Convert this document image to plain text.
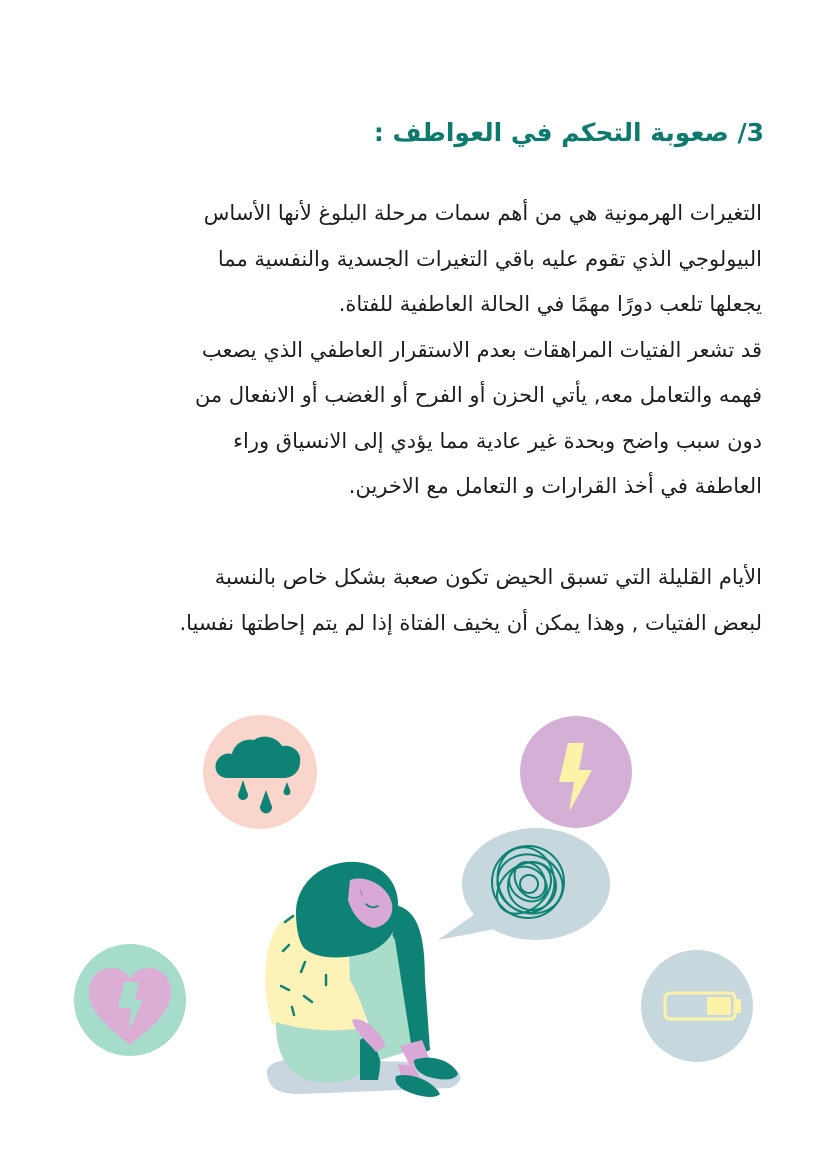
3/ صعوبة التحكم في العواطف :
التغيرات الهرمونية هي من أهم سمات مرحلة البلوغ لأنها الأساس
البيولوجي الذي تقوم عليه باقي التغيرات الجسدية والنفسية مما
يجعلها تلعب دورًا مهمًا في الحالة العاطفية للفتاة.
قد تشعر الفتيات المراهقات بعدم الاستقرار العاطفي الذي يصعب
فهمه والتعامل معه, يأتي الحزن أو الفرح أو الغضب أو الانفعال من
دون سبب واضح وبحدة غير عادية مما يؤدي إلى الانسياق وراء
العاطفة في أخذ القرارات و التعامل مع الاخرين.
الأيام القليلة التي تسبق الحيض تكون صعبة بشكل خاص بالنسبة
لبعض الفتيات , وهذا يمكن أن يخيف الفتاة إذا لم يتم إحاطتها نفسيا.
